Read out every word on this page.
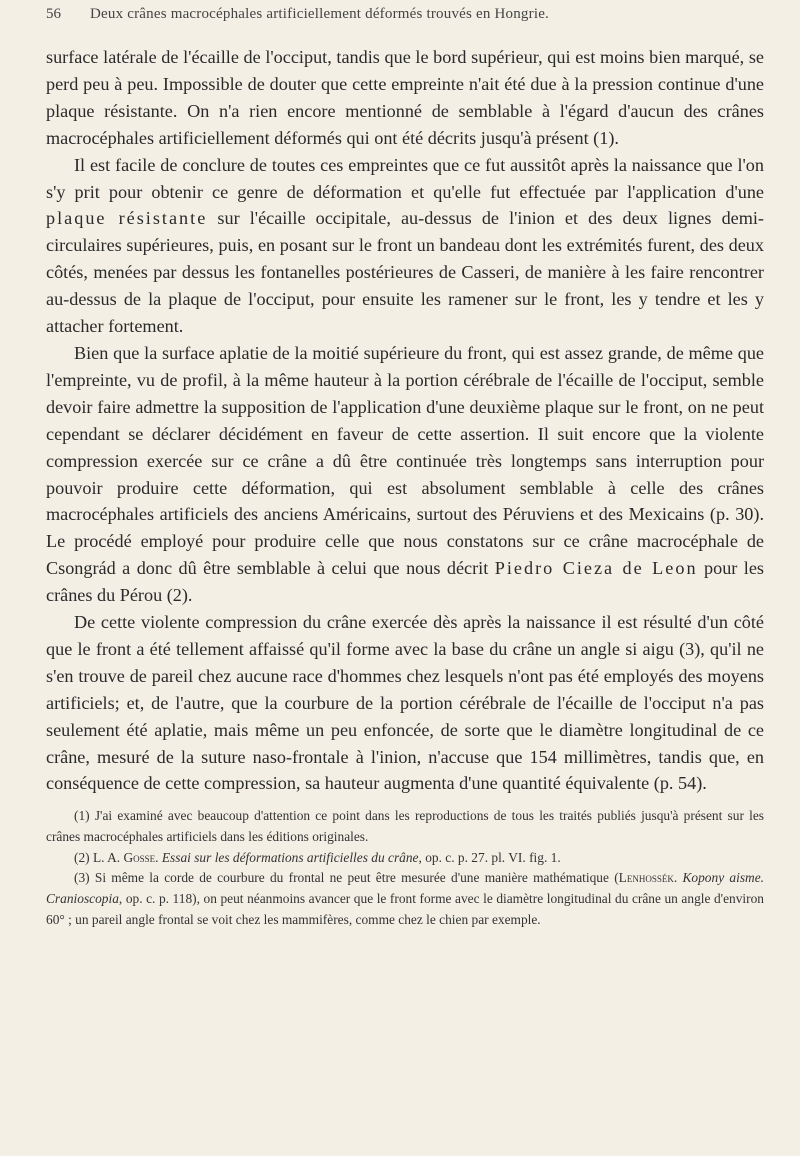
56 Deux crânes macrocéphales artificiellement déformés trouvés en Hongrie.

surface latérale de l'écaille de l'occiput, tandis que le bord supérieur, qui est moins bien marqué, se perd peu à peu. Impossible de douter que cette empreinte n'ait été due à la pression continue d'une plaque résistante. On n'a rien encore mentionné de semblable à l'égard d'aucun des crânes macrocéphales artificiellement déformés qui ont été décrits jusqu'à présent (1).

Il est facile de conclure de toutes ces empreintes que ce fut aussitôt après la naissance que l'on s'y prit pour obtenir ce genre de déformation et qu'elle fut effectuée par l'application d'une plaque résistante sur l'écaille occipitale, au-dessus de l'inion et des deux lignes demi-circulaires supérieures, puis, en posant sur le front un bandeau dont les extrémités furent, des deux côtés, menées par dessus les fontanelles postérieures de Casseri, de manière à les faire rencontrer au-dessus de la plaque de l'occiput, pour ensuite les ramener sur le front, les y tendre et les y attacher fortement.

Bien que la surface aplatie de la moitié supérieure du front, qui est assez grande, de même que l'empreinte, vu de profil, à la même hauteur à la portion cérébrale de l'écaille de l'occiput, semble devoir faire admettre la supposition de l'application d'une deuxième plaque sur le front, on ne peut cependant se déclarer décidément en faveur de cette assertion. Il suit encore que la violente compression exercée sur ce crâne a dû être continuée très longtemps sans interruption pour pouvoir produire cette déformation, qui est absolument semblable à celle des crânes macrocéphales artificiels des anciens Américains, surtout des Péruviens et des Mexicains (p. 30). Le procédé employé pour produire celle que nous constatons sur ce crâne macrocéphale de Csongrád a donc dû être semblable à celui que nous décrit Piedro Cieza de Leon pour les crânes du Pérou (2).

De cette violente compression du crâne exercée dès après la naissance il est résulté d'un côté que le front a été tellement affaissé qu'il forme avec la base du crâne un angle si aigu (3), qu'il ne s'en trouve de pareil chez aucune race d'hommes chez lesquels n'ont pas été employés des moyens artificiels; et, de l'autre, que la courbure de la portion cérébrale de l'écaille de l'occiput n'a pas seulement été aplatie, mais même un peu enfoncée, de sorte que le diamètre longitudinal de ce crâne, mesuré de la suture naso-frontale à l'inion, n'accuse que 154 millimètres, tandis que, en conséquence de cette compression, sa hauteur augmenta d'une quantité équivalente (p. 54).

(1) J'ai examiné avec beaucoup d'attention ce point dans les reproductions de tous les traités publiés jusqu'à présent sur les crânes macrocéphales artificiels dans les éditions originales.

(2) L. A. Gosse. Essai sur les déformations artificielles du crâne, op. c. p. 27. pl. VI. fig. 1.

(3) Si même la corde de courbure du frontal ne peut être mesurée d'une manière mathématique (Lenhossék. Kopony aisme. Cranioscopia, op. c. p. 118), on peut néanmoins avancer que le front forme avec le diamètre longitudinal du crâne un angle d'environ 60° ; un pareil angle frontal se voit chez les mammifères, comme chez le chien par exemple.
